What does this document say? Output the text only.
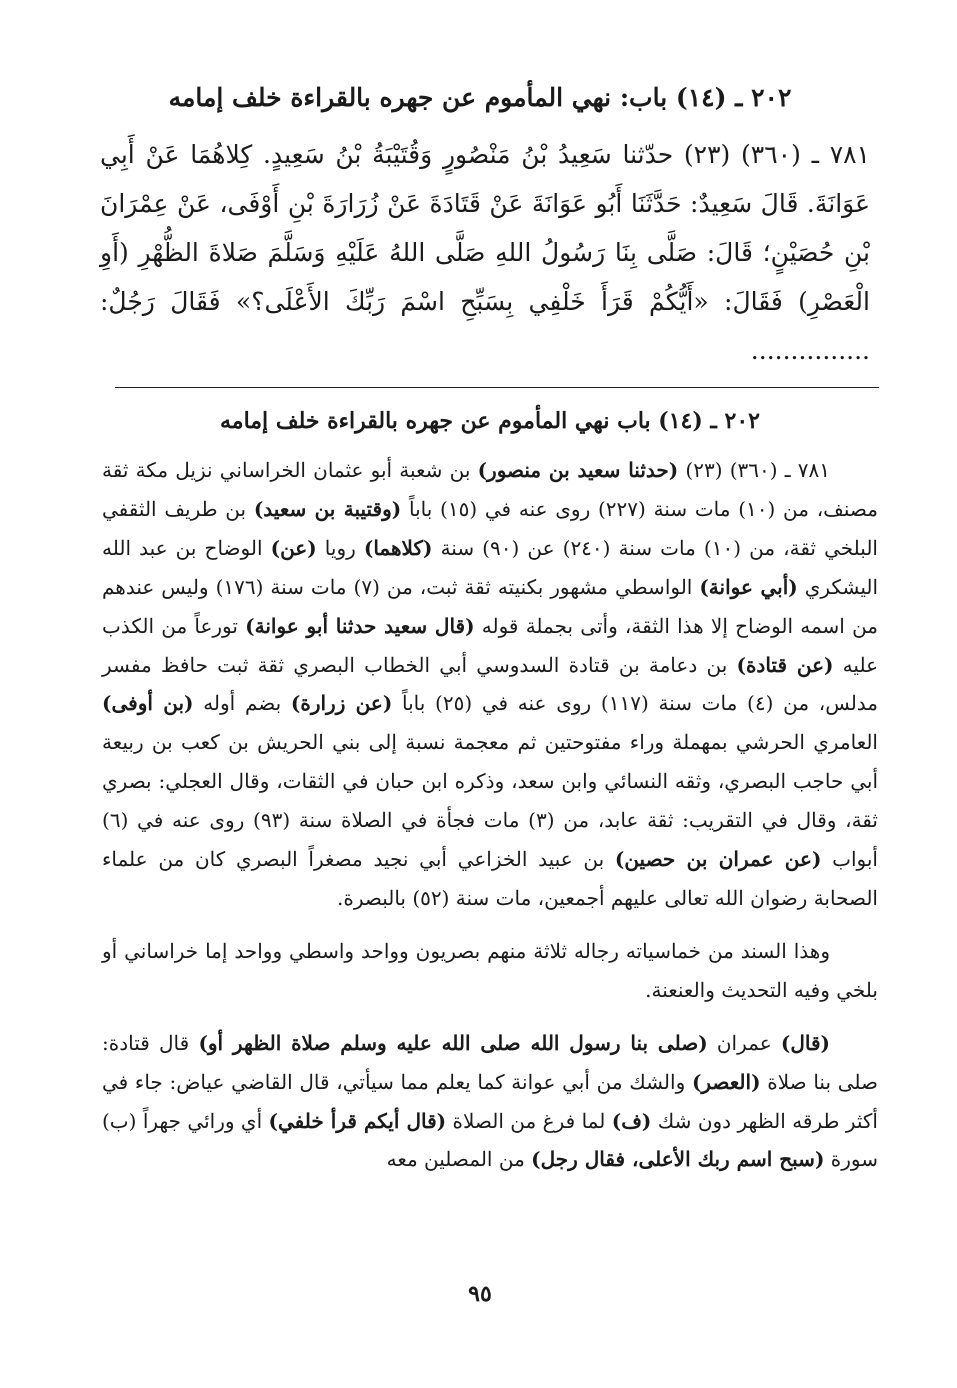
٢٠٢ ـ (١٤) باب: نهي المأموم عن جهره بالقراءة خلف إمامه
٧٨١ ـ (٣٦٠) (٢٣) حدّثنا سَعِيدُ بْنُ مَنْصُورٍ وَقُتَيْبَةُ بْنُ سَعِيدٍ. كِلاهُمَا عَنْ أَبِي عَوَانَةَ. قَالَ سَعِيدٌ: حَدَّثَنَا أَبُو عَوَانَةَ عَنْ قَتَادَةَ عَنْ زُرَارَةَ بْنِ أَوْفَى، عَنْ عِمْرَانَ بْنِ حُصَيْنٍ؛ قَالَ: صَلَّى بِنَا رَسُولُ اللهِ صَلَّى اللهُ عَلَيْهِ وَسَلَّمَ صَلاةَ الظُّهْرِ (أَوِ الْعَصْرِ) فَقَالَ: «أَيُّكُمْ قَرَأَ خَلْفِي بِسَبِّحِ اسْمَ رَبِّكَ الأَعْلَى؟» فَقَالَ رَجُلٌ: ...............
٢٠٢ ـ (١٤) باب نهي المأموم عن جهره بالقراءة خلف إمامه

٧٨١ ـ (٣٦٠) (٢٣) (حدثنا سعيد بن منصور) بن شعبة أبو عثمان الخراساني نزيل مكة ثقة مصنف، من (١٠) مات سنة (٢٢٧) روى عنه في (١٥) باباً (وقتيبة بن سعيد) بن طريف الثقفي البلخي ثقة، من (١٠) مات سنة (٢٤٠) عن (٩٠) سنة (كلاهما) رويا (عن) الوضاح بن عبد الله اليشكري (أبي عوانة) الواسطي مشهور بكنيته ثقة ثبت، من (٧) مات سنة (١٧٦) وليس عندهم من اسمه الوضاح إلا هذا الثقة، وأتى بجملة قوله (قال سعيد حدثنا أبو عوانة) تورعاً من الكذب عليه (عن قتادة) بن دعامة بن قتادة السدوسي أبي الخطاب البصري ثقة ثبت حافظ مفسر مدلس، من (٤) مات سنة (١١٧) روى عنه في (٢٥) باباً (عن زرارة) بضم أوله (بن أوفى) العامري الحرشي بمهملة وراء مفتوحتين ثم معجمة نسبة إلى بني الحريش بن كعب بن ربيعة أبي حاجب البصري، وثقه النسائي وابن سعد، وذكره ابن حبان في الثقات، وقال العجلي: بصري ثقة، وقال في التقريب: ثقة عابد، من (٣) مات فجأة في الصلاة سنة (٩٣) روى عنه في (٦) أبواب (عن عمران بن حصين) بن عبيد الخزاعي أبي نجيد مصغراً البصري كان من علماء الصحابة رضوان الله تعالى عليهم أجمعين، مات سنة (٥٢) بالبصرة.

وهذا السند من خماسياته رجاله ثلاثة منهم بصريون وواحد واسطي وواحد إما خراساني أو بلخي وفيه التحديث والعنعنة.

(قال) عمران (صلى بنا رسول الله صلى الله عليه وسلم صلاة الظهر أو) قال قتادة: صلى بنا صلاة (العصر) والشك من أبي عوانة كما يعلم مما سيأتي، قال القاضي عياض: جاء في أكثر طرقه الظهر دون شك (ف) لما فرغ من الصلاة (قال أيكم قرأ خلفي) أي ورائي جهراً (ب) سورة (سبح اسم ربك الأعلى، فقال رجل) من المصلين معه

٩٥
